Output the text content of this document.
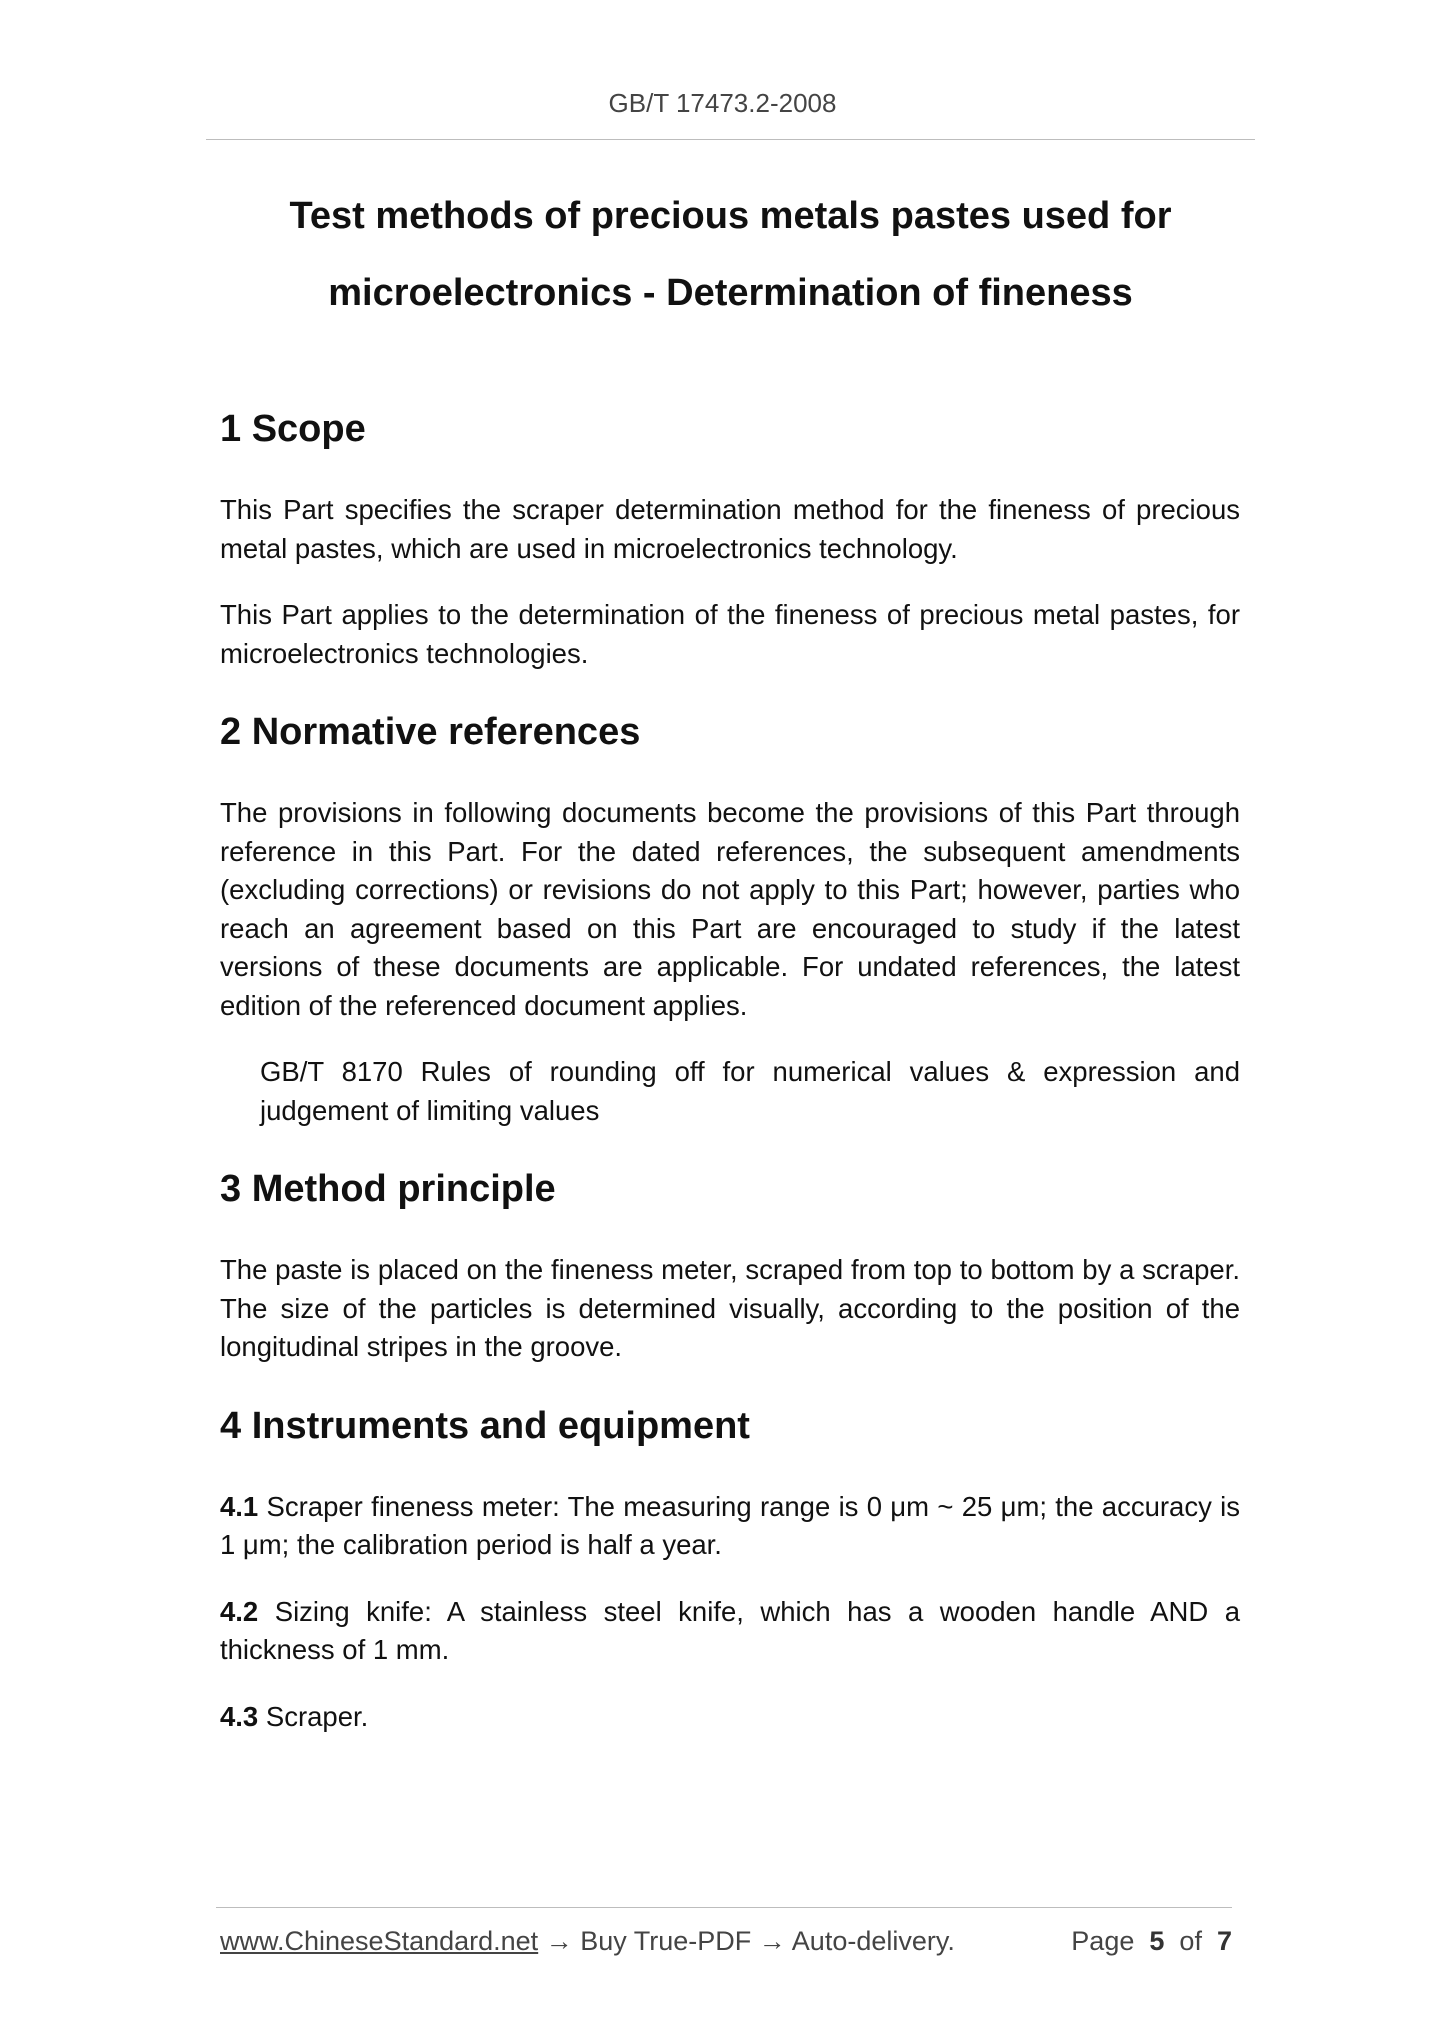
GB/T 17473.2-2008
Test methods of precious metals pastes used for
microelectronics - Determination of fineness
1 Scope

This Part specifies the scraper determination method for the fineness of precious metal pastes, which are used in microelectronics technology.

This Part applies to the determination of the fineness of precious metal pastes, for microelectronics technologies.

2 Normative references

The provisions in following documents become the provisions of this Part through reference in this Part. For the dated references, the subsequent amendments (excluding corrections) or revisions do not apply to this Part; however, parties who reach an agreement based on this Part are encouraged to study if the latest versions of these documents are applicable. For undated references, the latest edition of the referenced document applies.

GB/T 8170 Rules of rounding off for numerical values & expression and judgement of limiting values

3 Method principle

The paste is placed on the fineness meter, scraped from top to bottom by a scraper. The size of the particles is determined visually, according to the position of the longitudinal stripes in the groove.

4 Instruments and equipment

4.1 Scraper fineness meter: The measuring range is 0 μm ~ 25 μm; the accuracy is 1 μm; the calibration period is half a year.

4.2 Sizing knife: A stainless steel knife, which has a wooden handle AND a thickness of 1 mm.

4.3 Scraper.

www.ChineseStandard.net → Buy True-PDF → Auto-delivery.	Page 5 of 7
